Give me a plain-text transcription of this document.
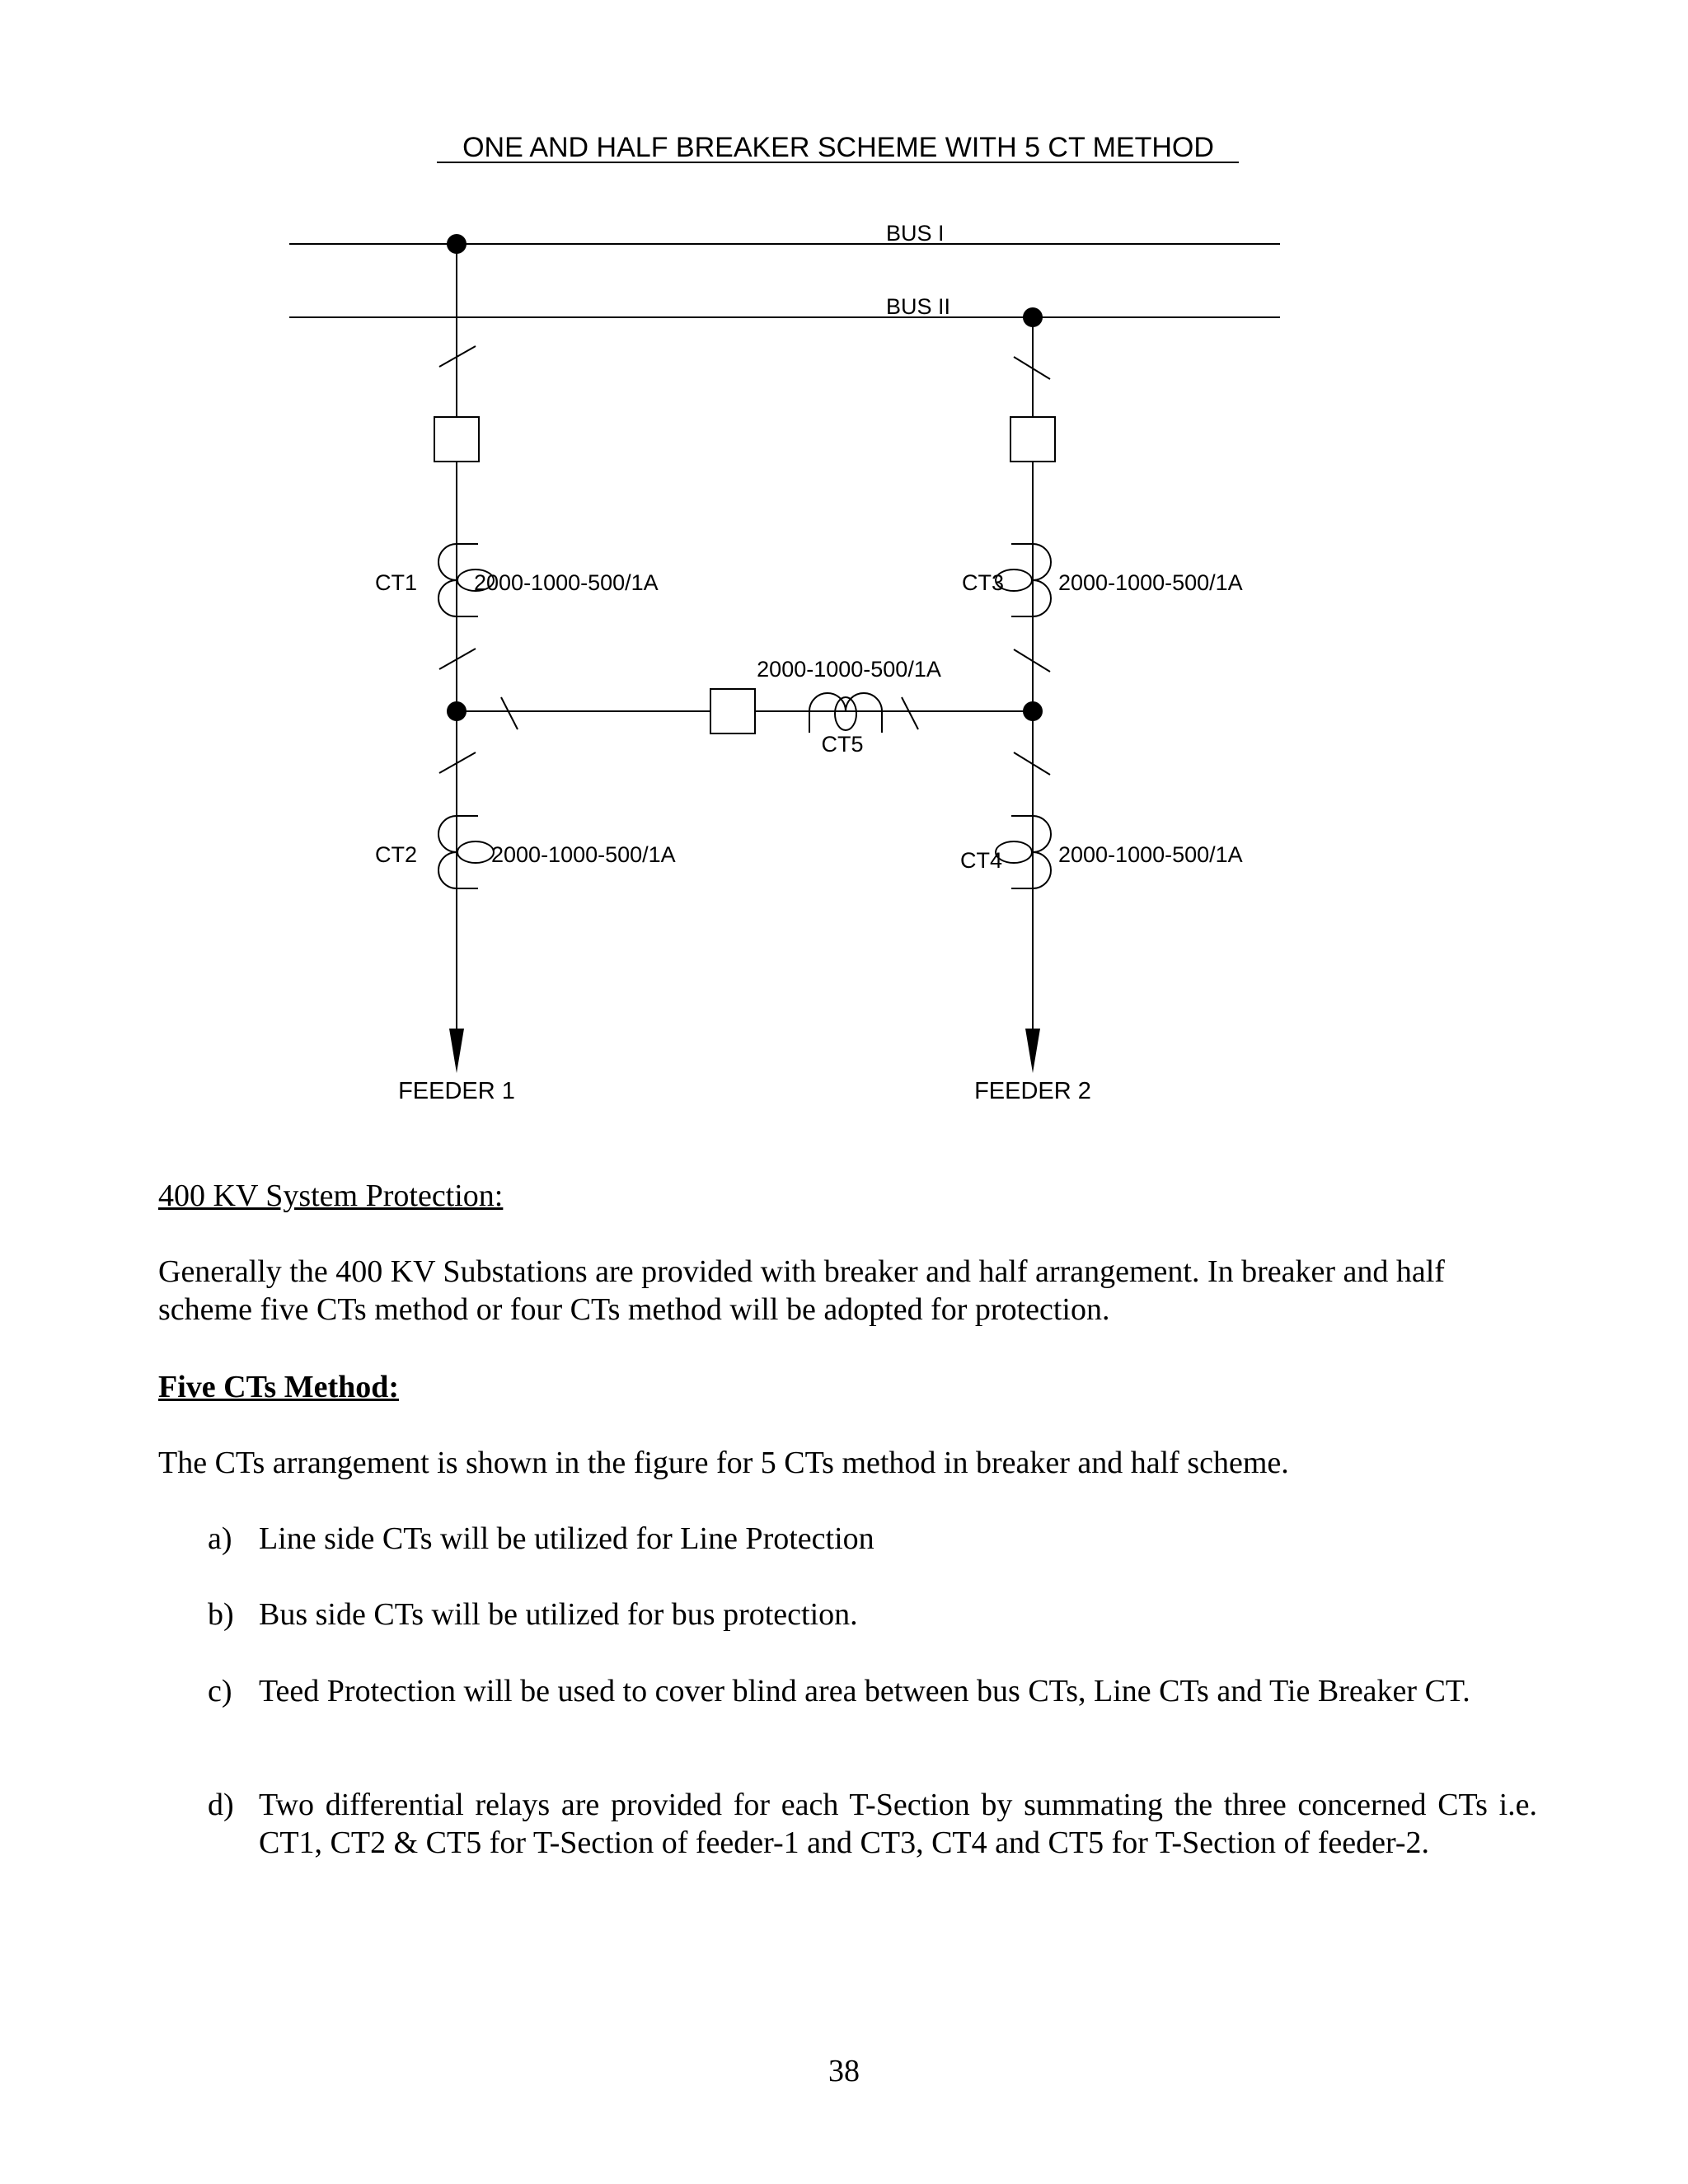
ONE AND HALF BREAKER SCHEME WITH 5 CT METHOD
BUS I
BUS II
CT1	2000-1000-500/1A
CT2	2000-1000-500/1A
CT3 2000-1000-500/1A
CT4	2000-1000-500/1A
2000-1000-500/1A
CT5
FEEDER 1	FEEDER 2

400 KV System Protection:

Generally the 400 KV Substations are provided with breaker and half arrangement. In breaker and half scheme five CTs method or four CTs method will be adopted for protection.

Five CTs Method:

The CTs arrangement is shown in the figure for 5 CTs method in breaker and half scheme.

a) Line side CTs will be utilized for Line Protection
b) Bus side CTs will be utilized for bus protection.
c) Teed Protection will be used to cover blind area between bus CTs, Line CTs and Tie Breaker CT.
d) Two differential relays are provided for each T-Section by summating the three concerned CTs i.e. CT1, CT2 & CT5 for T-Section of feeder-1 and CT3, CT4 and CT5 for T-Section of feeder-2.

38
